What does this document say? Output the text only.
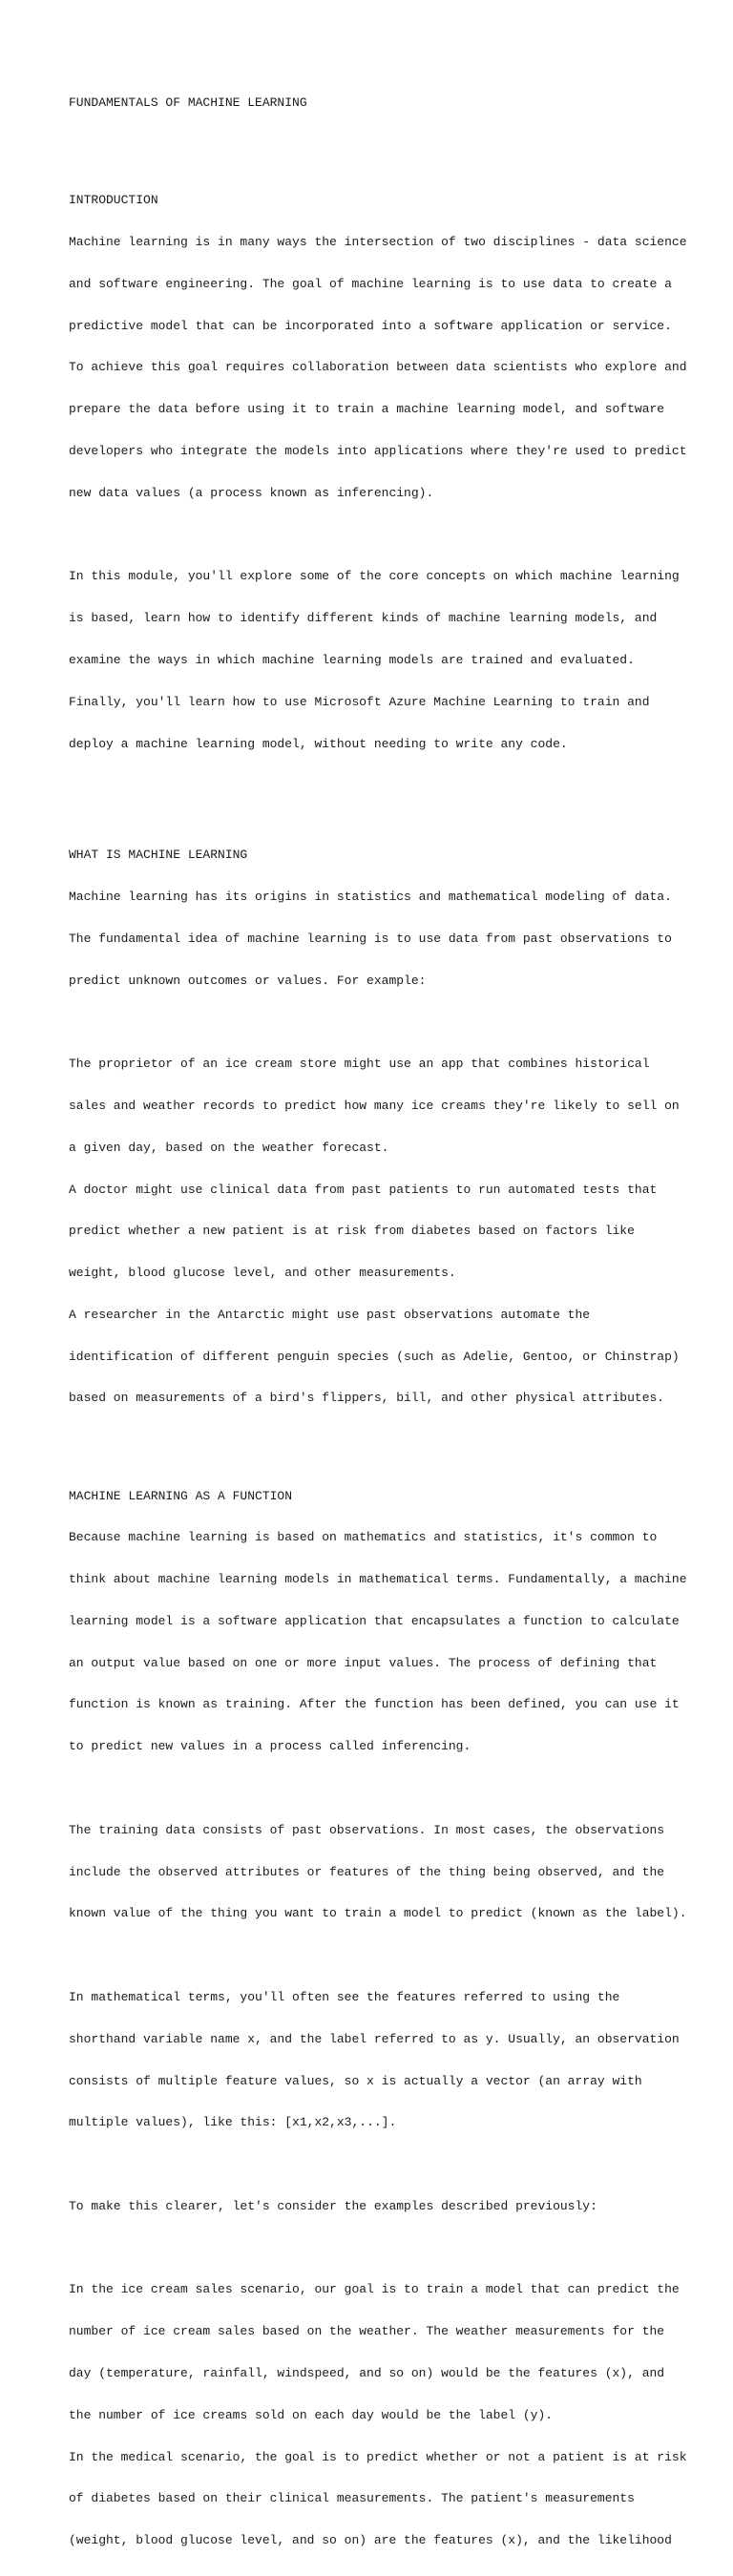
FUNDAMENTALS OF MACHINE LEARNING

INTRODUCTION

Machine learning is in many ways the intersection of two disciplines - data science

and software engineering. The goal of machine learning is to use data to create a

predictive model that can be incorporated into a software application or service.

To achieve this goal requires collaboration between data scientists who explore and

prepare the data before using it to train a machine learning model, and software

developers who integrate the models into applications where they're used to predict

new data values (a process known as inferencing).

In this module, you'll explore some of the core concepts on which machine learning

is based, learn how to identify different kinds of machine learning models, and

examine the ways in which machine learning models are trained and evaluated.

Finally, you'll learn how to use Microsoft Azure Machine Learning to train and

deploy a machine learning model, without needing to write any code.

WHAT IS MACHINE LEARNING

Machine learning has its origins in statistics and mathematical modeling of data.

The fundamental idea of machine learning is to use data from past observations to

predict unknown outcomes or values. For example:

The proprietor of an ice cream store might use an app that combines historical

sales and weather records to predict how many ice creams they're likely to sell on

a given day, based on the weather forecast.

A doctor might use clinical data from past patients to run automated tests that

predict whether a new patient is at risk from diabetes based on factors like

weight, blood glucose level, and other measurements.

A researcher in the Antarctic might use past observations automate the

identification of different penguin species (such as Adelie, Gentoo, or Chinstrap)

based on measurements of a bird's flippers, bill, and other physical attributes.

MACHINE LEARNING AS A FUNCTION

Because machine learning is based on mathematics and statistics, it's common to

think about machine learning models in mathematical terms. Fundamentally, a machine

learning model is a software application that encapsulates a function to calculate

an output value based on one or more input values. The process of defining that

function is known as training. After the function has been defined, you can use it

to predict new values in a process called inferencing.

The training data consists of past observations. In most cases, the observations

include the observed attributes or features of the thing being observed, and the

known value of the thing you want to train a model to predict (known as the label).

In mathematical terms, you'll often see the features referred to using the

shorthand variable name x, and the label referred to as y. Usually, an observation

consists of multiple feature values, so x is actually a vector (an array with

multiple values), like this: [x1,x2,x3,...].

To make this clearer, let's consider the examples described previously:

In the ice cream sales scenario, our goal is to train a model that can predict the

number of ice cream sales based on the weather. The weather measurements for the

day (temperature, rainfall, windspeed, and so on) would be the features (x), and

the number of ice creams sold on each day would be the label (y).

In the medical scenario, the goal is to predict whether or not a patient is at risk

of diabetes based on their clinical measurements. The patient's measurements

(weight, blood glucose level, and so on) are the features (x), and the likelihood
